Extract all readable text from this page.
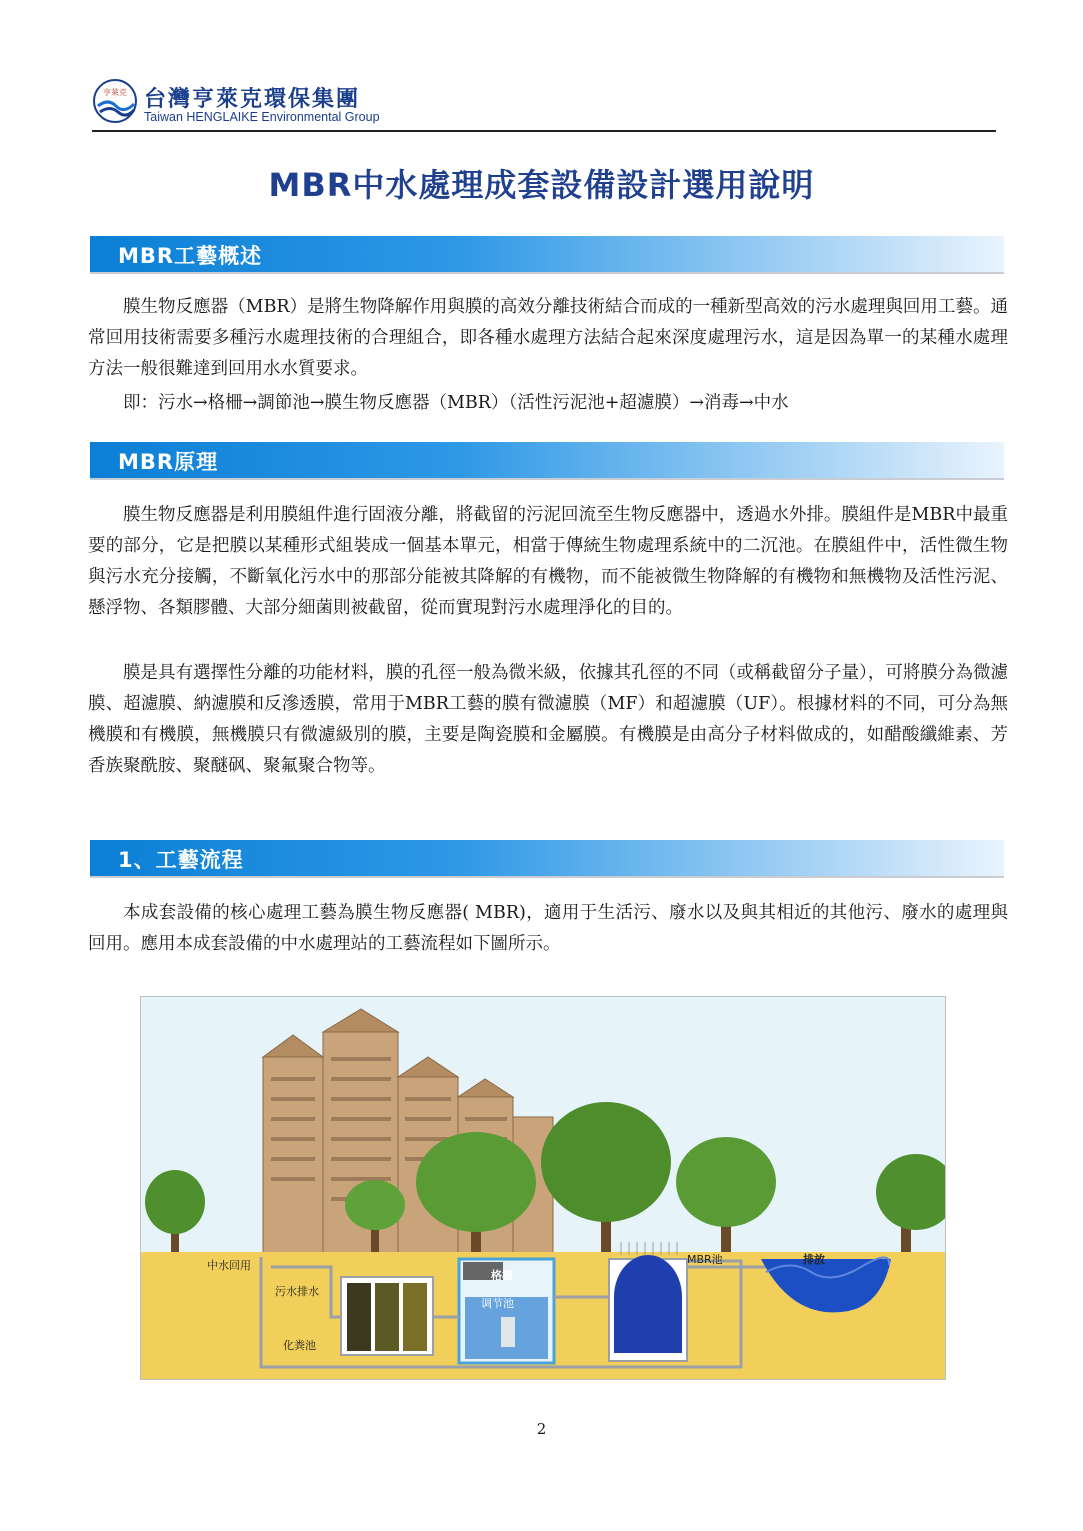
亨萊克 台灣亨萊克環保集團
Taiwan HENGLAIKE Environmental Group
MBR中水處理成套設備設計選用說明
MBR工藝概述

膜生物反應器（MBR）是將生物降解作用與膜的高效分離技術結合而成的一種新型高效的污水處理與回用工藝。通常回用技術需要多種污水處理技術的合理組合，即各種水處理方法結合起來深度處理污水，這是因為單一的某種水處理方法一般很難達到回用水水質要求。

即：污水→格柵→調節池→膜生物反應器（MBR）（活性污泥池+超濾膜）→消毒→中水

MBR原理

膜生物反應器是利用膜組件進行固液分離，將截留的污泥回流至生物反應器中，透過水外排。膜組件是MBR中最重要的部分，它是把膜以某種形式組裝成一個基本單元，相當于傳統生物處理系統中的二沉池。在膜組件中，活性微生物與污水充分接觸，不斷氧化污水中的那部分能被其降解的有機物，而不能被微生物降解的有機物和無機物及活性污泥、懸浮物、各類膠體、大部分細菌則被截留，從而實現對污水處理淨化的目的。

膜是具有選擇性分離的功能材料，膜的孔徑一般為微米級，依據其孔徑的不同（或稱截留分子量），可將膜分為微濾膜、超濾膜、納濾膜和反滲透膜，常用于MBR工藝的膜有微濾膜（MF）和超濾膜（UF）。根據材料的不同，可分為無機膜和有機膜，無機膜只有微濾級別的膜，主要是陶瓷膜和金屬膜。有機膜是由高分子材料做成的，如醋酸纖維素、芳香族聚酰胺、聚醚砜、聚氟聚合物等。

1、工藝流程

本成套設備的核心處理工藝為膜生物反應器( MBR)，適用于生活污、廢水以及與其相近的其他污、廢水的處理與回用。應用本成套設備的中水處理站的工藝流程如下圖所示。

中水回用
污水排水
化粪池
格栅
调节池
MBR池	排放
2
